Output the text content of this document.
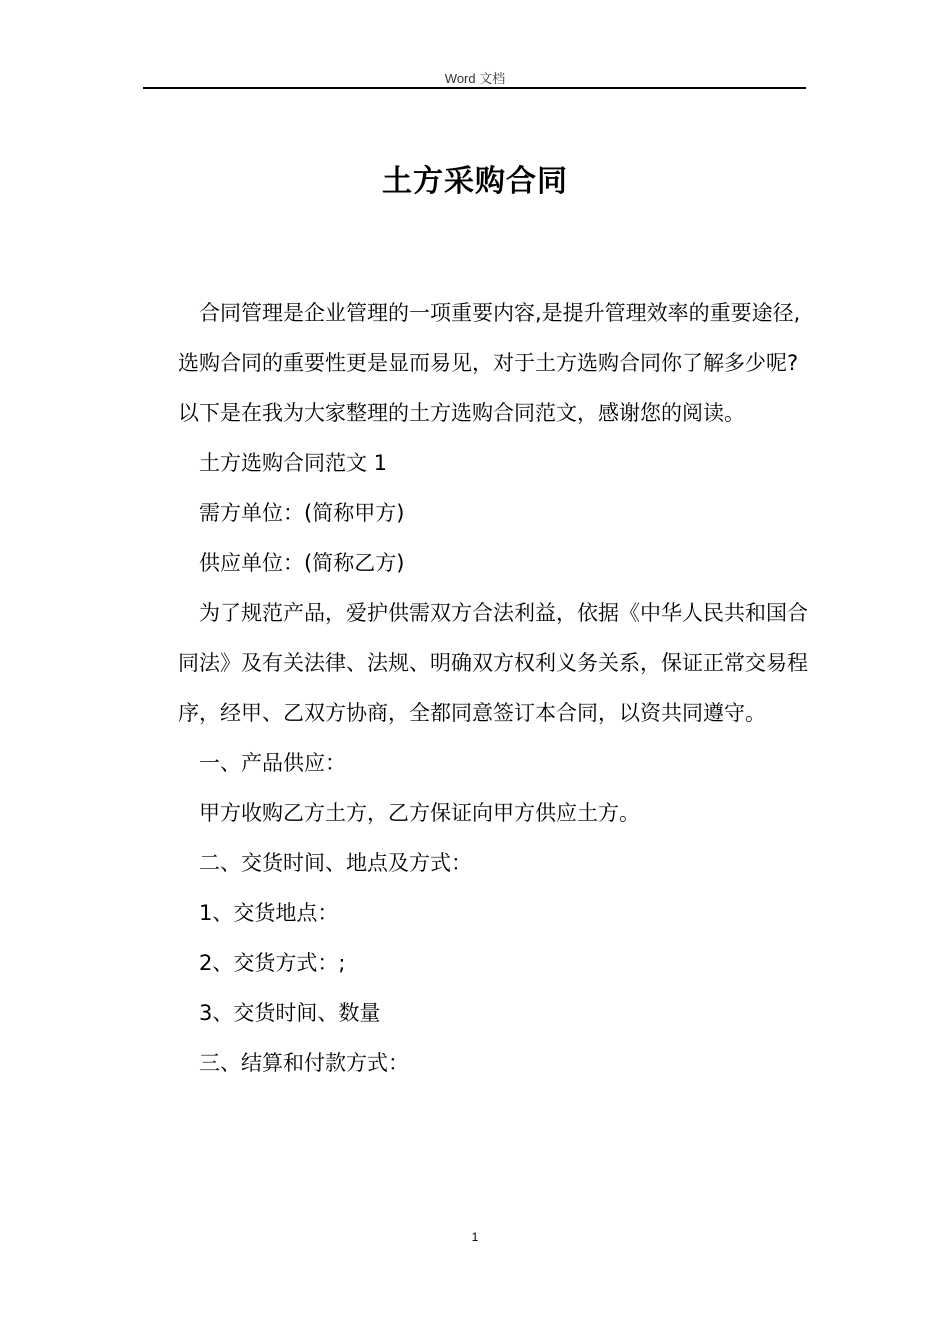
Word 文档
土方采购合同

合同管理是企业管理的一项重要内容,是提升管理效率的重要途径,选购合同的重要性更是显而易见，对于土方选购合同你了解多少呢?以下是在我为大家整理的土方选购合同范文，感谢您的阅读。

土方选购合同范文 1

需方单位：(简称甲方)

供应单位：(简称乙方)

为了规范产品，爱护供需双方合法利益，依据《中华人民共和国合同法》及有关法律、法规、明确双方权利义务关系，保证正常交易程序，经甲、乙双方协商，全都同意签订本合同，以资共同遵守。

一、产品供应：

甲方收购乙方土方，乙方保证向甲方供应土方。

二、交货时间、地点及方式：

1、交货地点：

2、交货方式：;

3、交货时间、数量

三、结算和付款方式：

1
